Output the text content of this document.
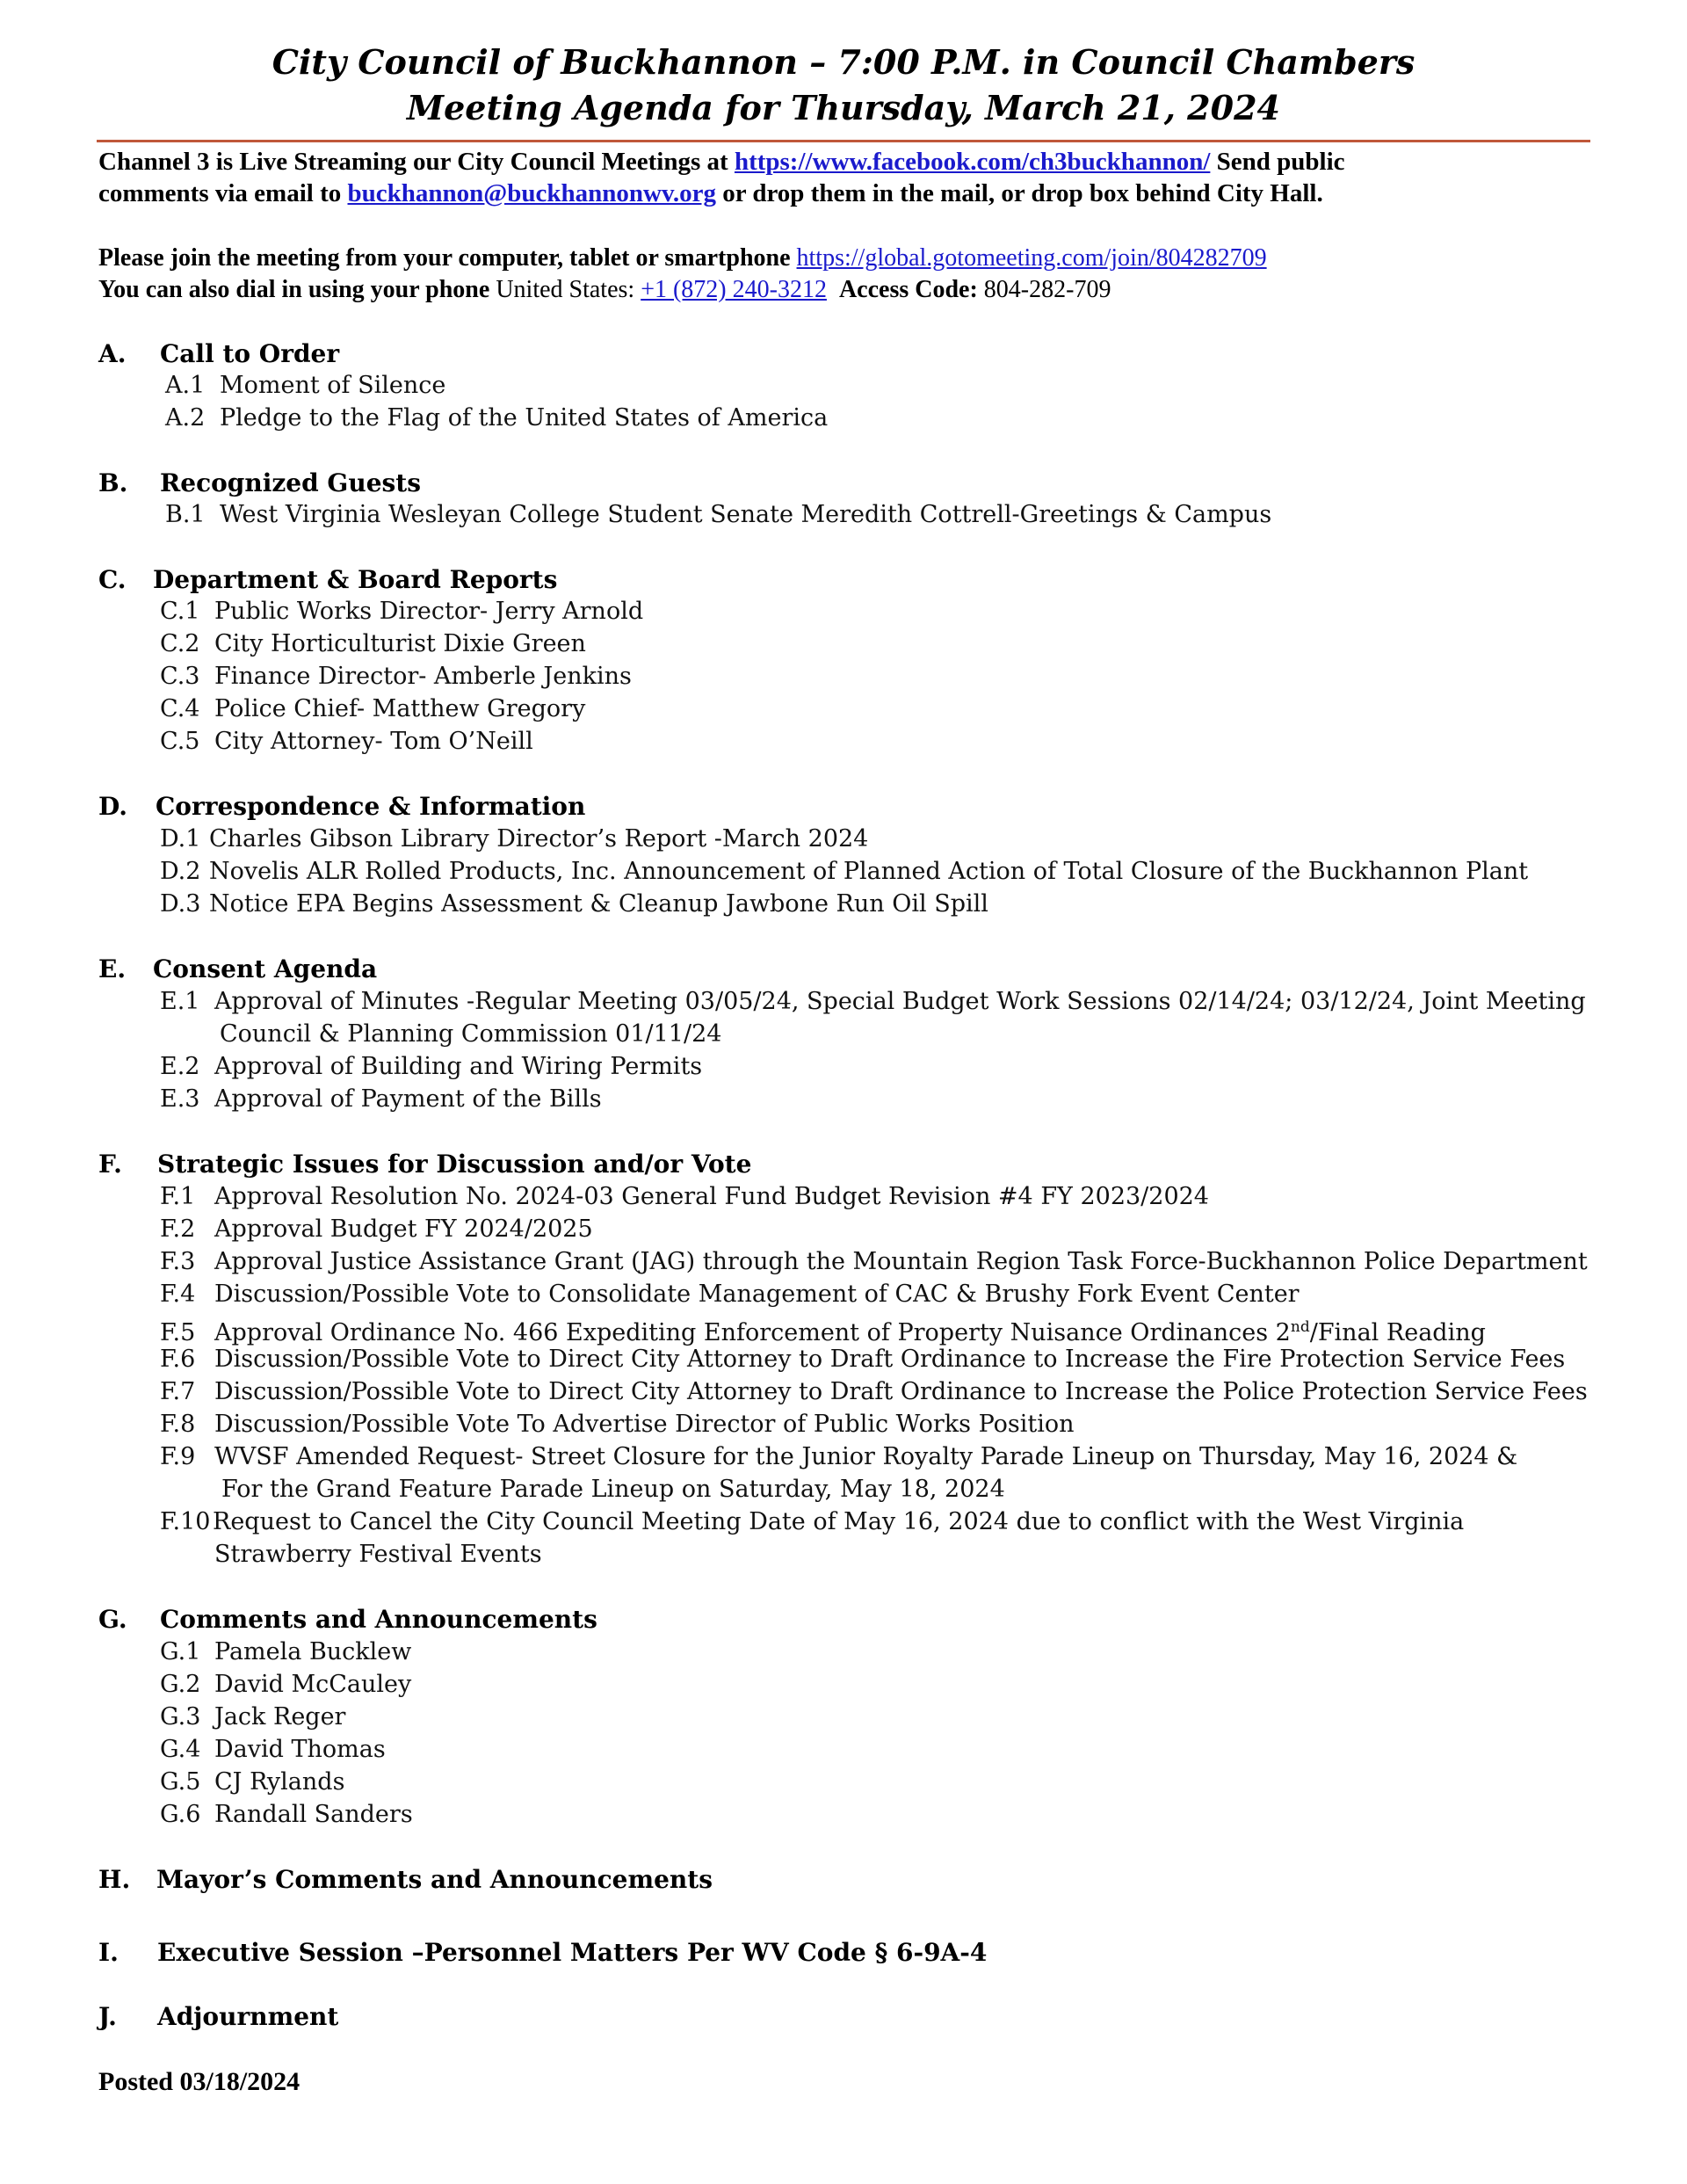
City Council of Buckhannon – 7:00 P.M. in Council Chambers
Meeting Agenda for Thursday, March 21, 2024
Channel 3 is Live Streaming our City Council Meetings at https://www.facebook.com/ch3buckhannon/ Send public
comments via email to buckhannon@buckhannonwv.org or drop them in the mail, or drop box behind City Hall.
Please join the meeting from your computer, tablet or smartphone https://global.gotomeeting.com/join/804282709
You can also dial in using your phone United States: +1 (872) 240-3212 Access Code: 804-282-709
A. Call to Order
A.1 Moment of Silence
A.2 Pledge to the Flag of the United States of America
B. Recognized Guests
B.1 West Virginia Wesleyan College Student Senate Meredith Cottrell-Greetings & Campus
C. Department & Board Reports
C.1 Public Works Director- Jerry Arnold
C.2 City Horticulturist Dixie Green
C.3 Finance Director- Amberle Jenkins
C.4 Police Chief- Matthew Gregory
C.5 City Attorney- Tom O’Neill
D. Correspondence & Information
D.1 Charles Gibson Library Director’s Report -March 2024
D.2 Novelis ALR Rolled Products, Inc. Announcement of Planned Action of Total Closure of the Buckhannon Plant
D.3 Notice EPA Begins Assessment & Cleanup Jawbone Run Oil Spill
E. Consent Agenda
E.1 Approval of Minutes -Regular Meeting 03/05/24, Special Budget Work Sessions 02/14/24; 03/12/24, Joint Meeting
Council & Planning Commission 01/11/24
E.2 Approval of Building and Wiring Permits
E.3 Approval of Payment of the Bills
F. Strategic Issues for Discussion and/or Vote
F.1 Approval Resolution No. 2024-03 General Fund Budget Revision #4 FY 2023/2024
F.2 Approval Budget FY 2024/2025
F.3 Approval Justice Assistance Grant (JAG) through the Mountain Region Task Force-Buckhannon Police Department
F.4 Discussion/Possible Vote to Consolidate Management of CAC & Brushy Fork Event Center
F.5 Approval Ordinance No. 466 Expediting Enforcement of Property Nuisance Ordinances 2nd/Final Reading
F.6 Discussion/Possible Vote to Direct City Attorney to Draft Ordinance to Increase the Fire Protection Service Fees
F.7 Discussion/Possible Vote to Direct City Attorney to Draft Ordinance to Increase the Police Protection Service Fees
F.8 Discussion/Possible Vote To Advertise Director of Public Works Position
F.9 WVSF Amended Request- Street Closure for the Junior Royalty Parade Lineup on Thursday, May 16, 2024 &
For the Grand Feature Parade Lineup on Saturday, May 18, 2024
F.10Request to Cancel the City Council Meeting Date of May 16, 2024 due to conflict with the West Virginia
Strawberry Festival Events
G. Comments and Announcements
G.1 Pamela Bucklew
G.2 David McCauley
G.3 Jack Reger
G.4 David Thomas
G.5 CJ Rylands
G.6 Randall Sanders
H. Mayor’s Comments and Announcements
I. Executive Session –Personnel Matters Per WV Code § 6-9A-4
J. Adjournment
Posted 03/18/2024
